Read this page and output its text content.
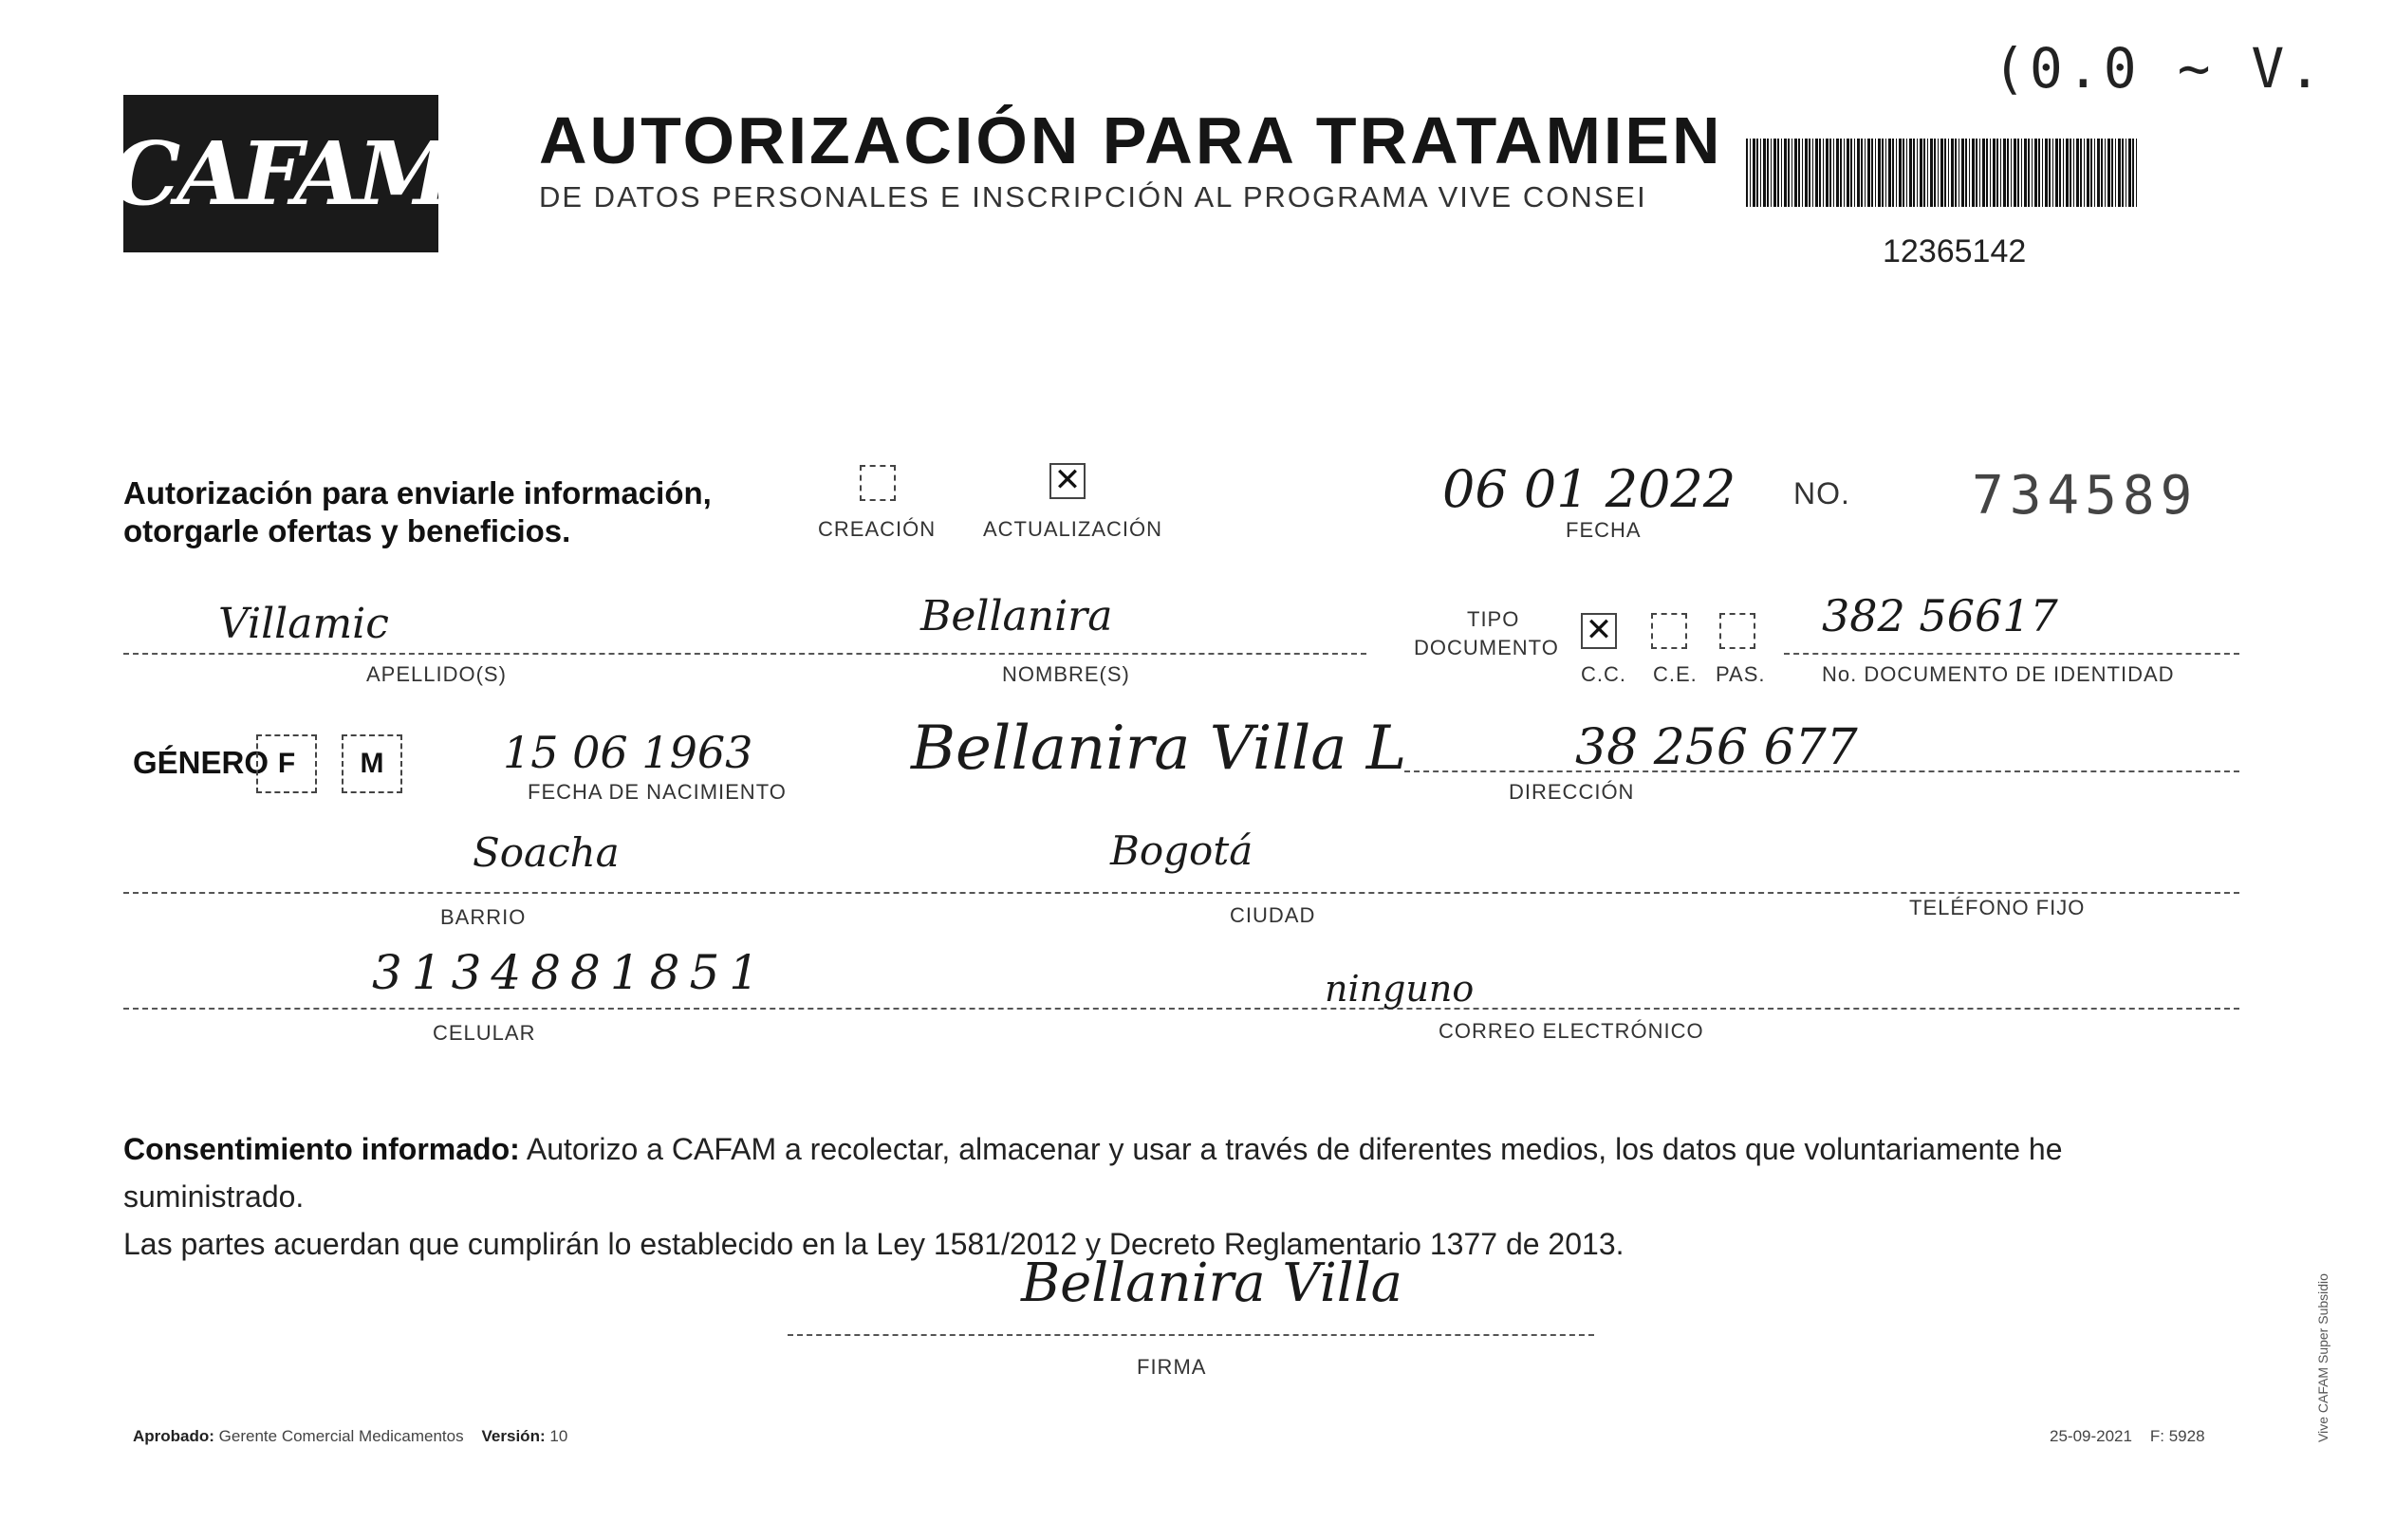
CAFAM AUTORIZACIÓN PARA TRATAMIEN
DE DATOS PERSONALES E INSCRIPCIÓN AL PROGRAMA VIVE CONSEI
12365142
(0.0 ~ V.
Autorización para enviarle información,
otorgarle ofertas y beneficios.	CREACIÓN
✕ ACTUALIZACIÓN
06 01 2022
FECHA
NO. 734589
Villamic
APELLIDO(S)
Bellanira
NOMBRE(S)
TIPO
DOCUMENTO
✕
C.C. C.E. PAS.
382 56617
No. DOCUMENTO DE IDENTIDAD
GÉNERO F M	15 06 1963
FECHA DE NACIMIENTO
Bellanira Villa L	38 256 677
DIRECCIÓN
Soacha
BARRIO
Bogotá
CIUDAD	TELÉFONO FIJO
3134881851
CELULAR
ninguno
CORREO ELECTRÓNICO
Consentimiento informado: Autorizo a CAFAM a recolectar, almacenar y usar a través de diferentes medios, los datos que voluntariamente he suministrado.
Las partes acuerdan que cumplirán lo establecido en la Ley 1581/2012 y Decreto Reglamentario 1377 de 2013.
Bellanira Villa
FIRMA
Aprobado: Gerente Comercial Medicamentos Versión: 10	25-09-2021 F: 5928	Vive CAFAM Super Subsidio
